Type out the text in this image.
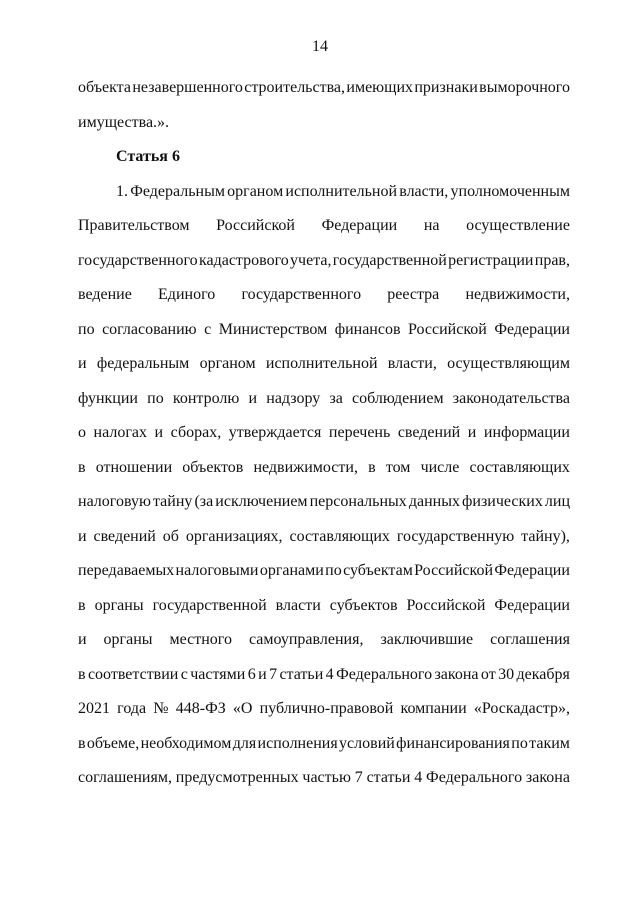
14
объекта незавершенного строительства, имеющих признаки выморочного
имущества.».
Статья 6
1. Федеральным органом исполнительной власти, уполномоченным
Правительством Российской Федерации на осуществление
государственного кадастрового учета, государственной регистрации прав,
ведение Единого государственного реестра недвижимости,
по согласованию с Министерством финансов Российской Федерации
и федеральным органом исполнительной власти, осуществляющим
функции по контролю и надзору за соблюдением законодательства
о налогах и сборах, утверждается перечень сведений и информации
в отношении объектов недвижимости, в том числе составляющих
налоговую тайну (за исключением персональных данных физических лиц
и сведений об организациях, составляющих государственную тайну),
передаваемых налоговыми органами по субъектам Российской Федерации
в органы государственной власти субъектов Российской Федерации
и органы местного самоуправления, заключившие соглашения
в соответствии с частями 6 и 7 статьи 4 Федерального закона от 30 декабря
2021 года № 448-ФЗ «О публично-правовой компании «Роскадастр»,
в объеме, необходимом для исполнения условий финансирования по таким
соглашениям, предусмотренных частью 7 статьи 4 Федерального закона
